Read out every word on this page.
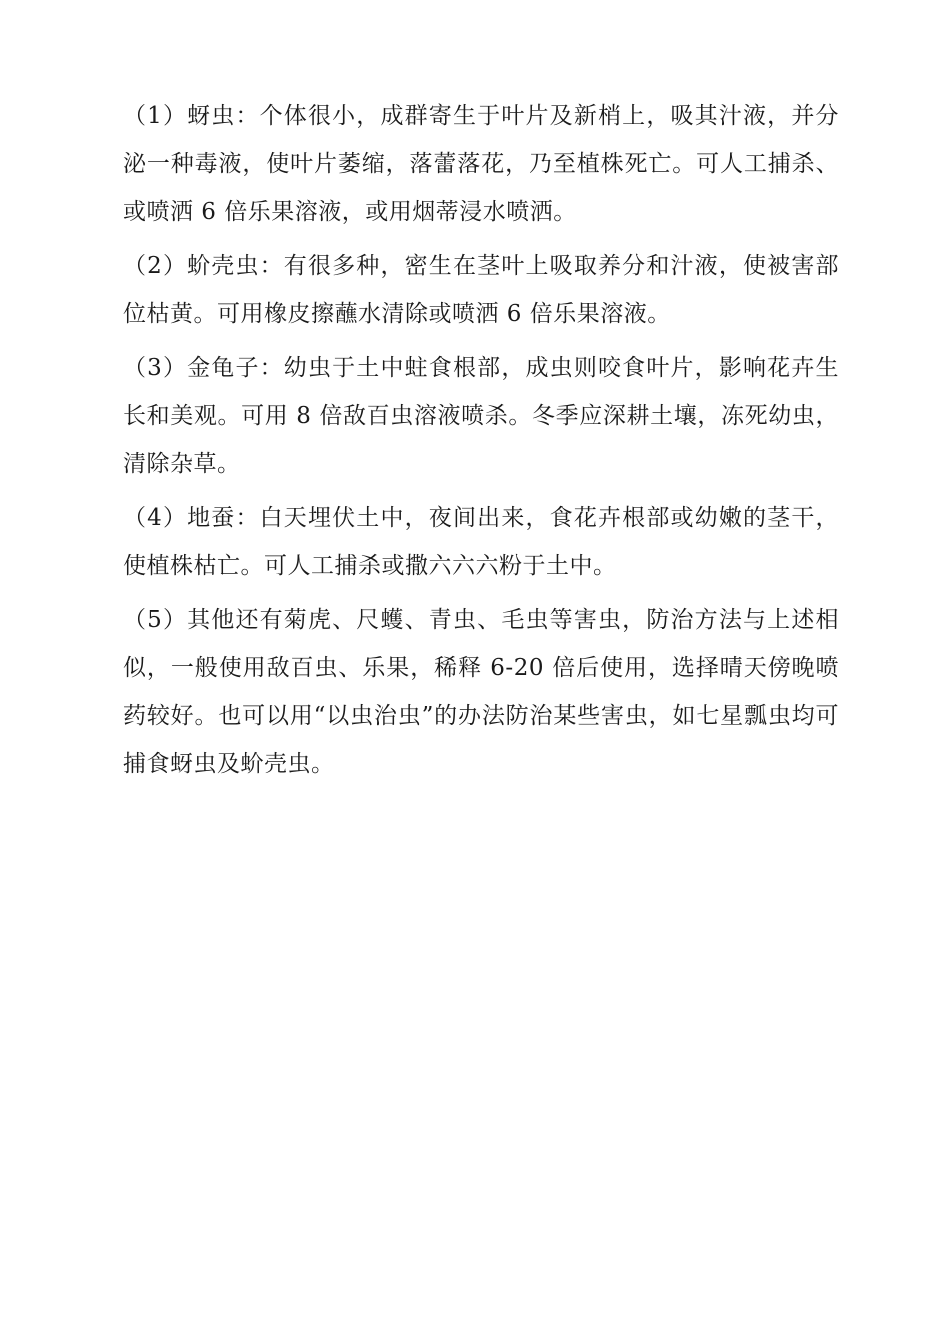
（1）蚜虫：个体很小，成群寄生于叶片及新梢上，吸其汁液，并分泌一种毒液，使叶片萎缩，落蕾落花，乃至植株死亡。可人工捕杀、或喷洒 6 倍乐果溶液，或用烟蒂浸水喷洒。

（2）蚧壳虫：有很多种，密生在茎叶上吸取养分和汁液，使被害部位枯黄。可用橡皮擦蘸水清除或喷洒 6 倍乐果溶液。

（3）金龟子：幼虫于土中蛀食根部，成虫则咬食叶片，影响花卉生长和美观。可用 8 倍敌百虫溶液喷杀。冬季应深耕土壤，冻死幼虫，清除杂草。

（4）地蚕：白天埋伏土中，夜间出来，食花卉根部或幼嫩的茎干，使植株枯亡。可人工捕杀或撒六六六粉于土中。

（5）其他还有菊虎、尺蠖、青虫、毛虫等害虫，防治方法与上述相似，一般使用敌百虫、乐果，稀释 6-20 倍后使用，选择晴天傍晚喷药较好。也可以用“以虫治虫”的办法防治某些害虫，如七星瓢虫均可捕食蚜虫及蚧壳虫。
